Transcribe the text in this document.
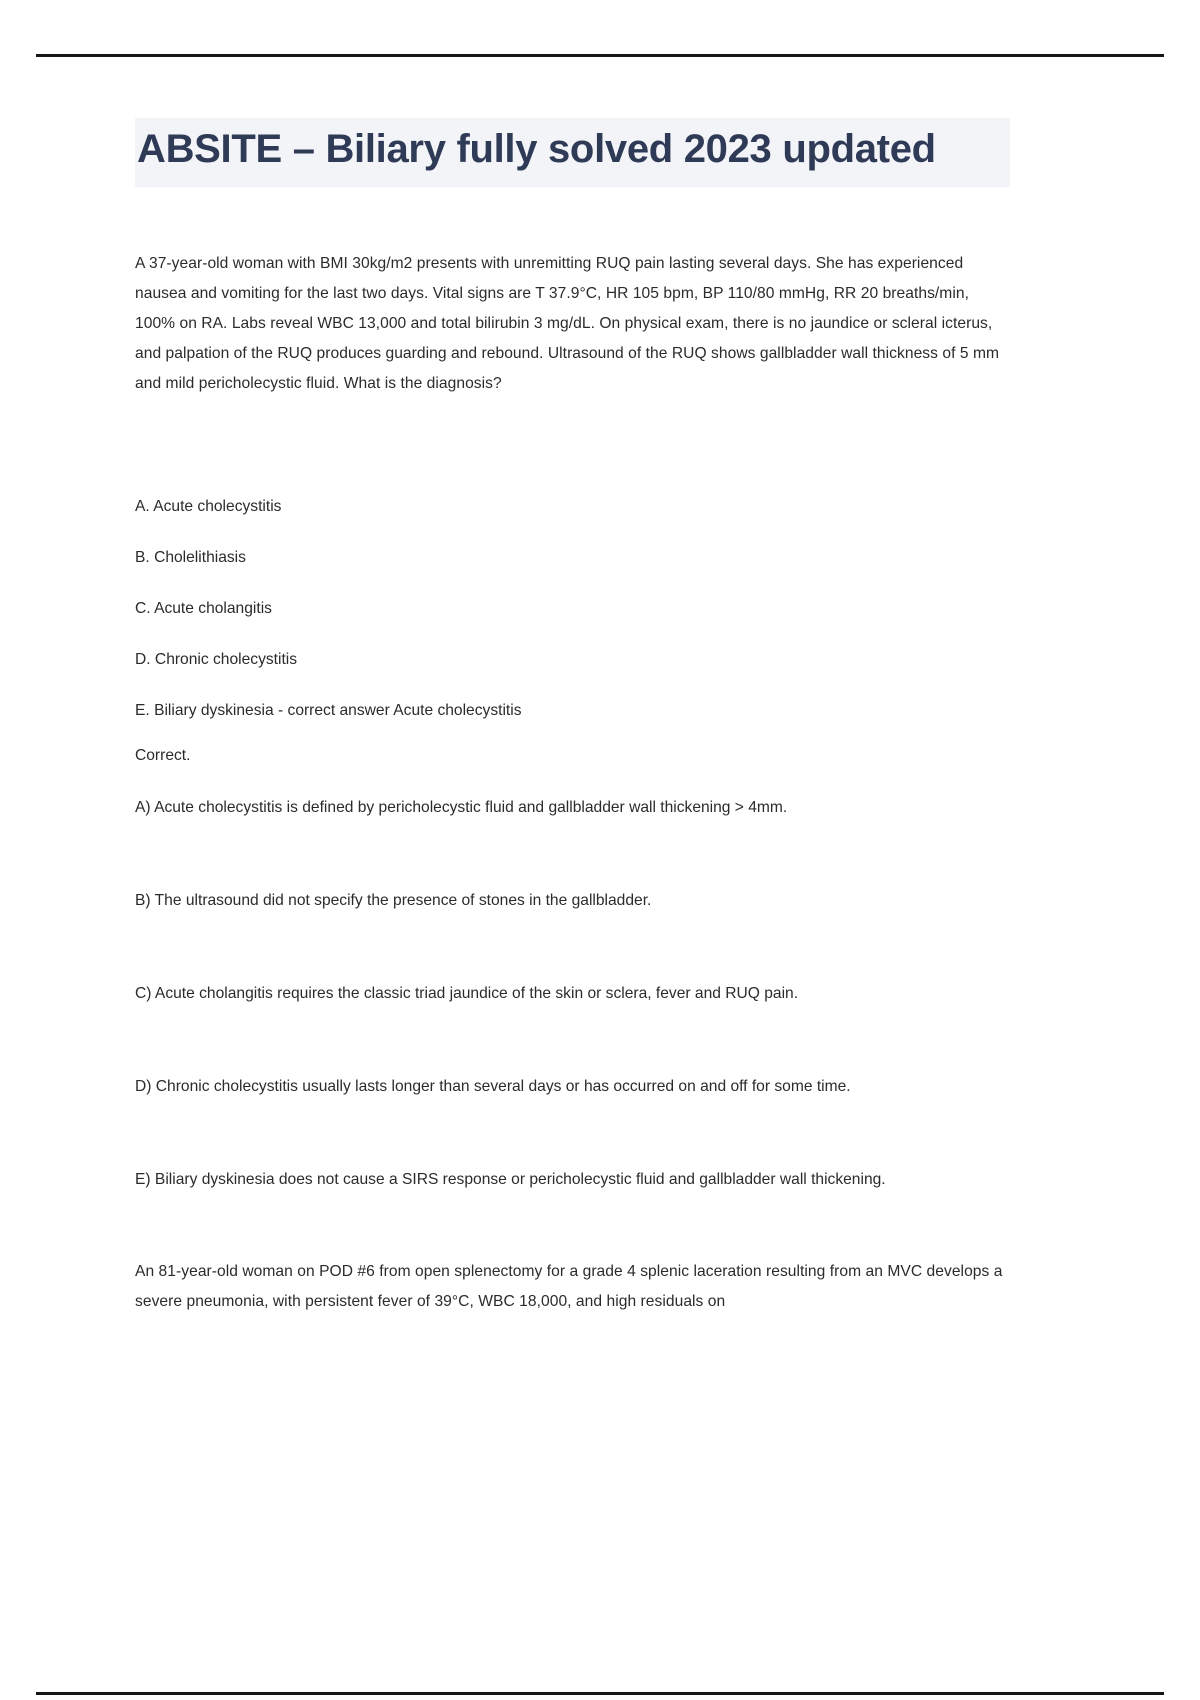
ABSITE – Biliary fully solved 2023 updated

A 37-year-old woman with BMI 30kg/m2 presents with unremitting RUQ pain lasting several days. She has experienced nausea and vomiting for the last two days. Vital signs are T 37.9°C, HR 105 bpm, BP 110/80 mmHg, RR 20 breaths/min, 100% on RA. Labs reveal WBC 13,000 and total bilirubin 3 mg/dL. On physical exam, there is no jaundice or scleral icterus, and palpation of the RUQ produces guarding and rebound. Ultrasound of the RUQ shows gallbladder wall thickness of 5 mm and mild pericholecystic fluid. What is the diagnosis?

A. Acute cholecystitis

B. Cholelithiasis

C. Acute cholangitis

D. Chronic cholecystitis

E. Biliary dyskinesia - correct answer Acute cholecystitis

Correct.

A) Acute cholecystitis is defined by pericholecystic fluid and gallbladder wall thickening > 4mm.

B) The ultrasound did not specify the presence of stones in the gallbladder.

C) Acute cholangitis requires the classic triad jaundice of the skin or sclera, fever and RUQ pain.

D) Chronic cholecystitis usually lasts longer than several days or has occurred on and off for some time.

E) Biliary dyskinesia does not cause a SIRS response or pericholecystic fluid and gallbladder wall thickening.

An 81-year-old woman on POD #6 from open splenectomy for a grade 4 splenic laceration resulting from an MVC develops a severe pneumonia, with persistent fever of 39°C, WBC 18,000, and high residuals on
